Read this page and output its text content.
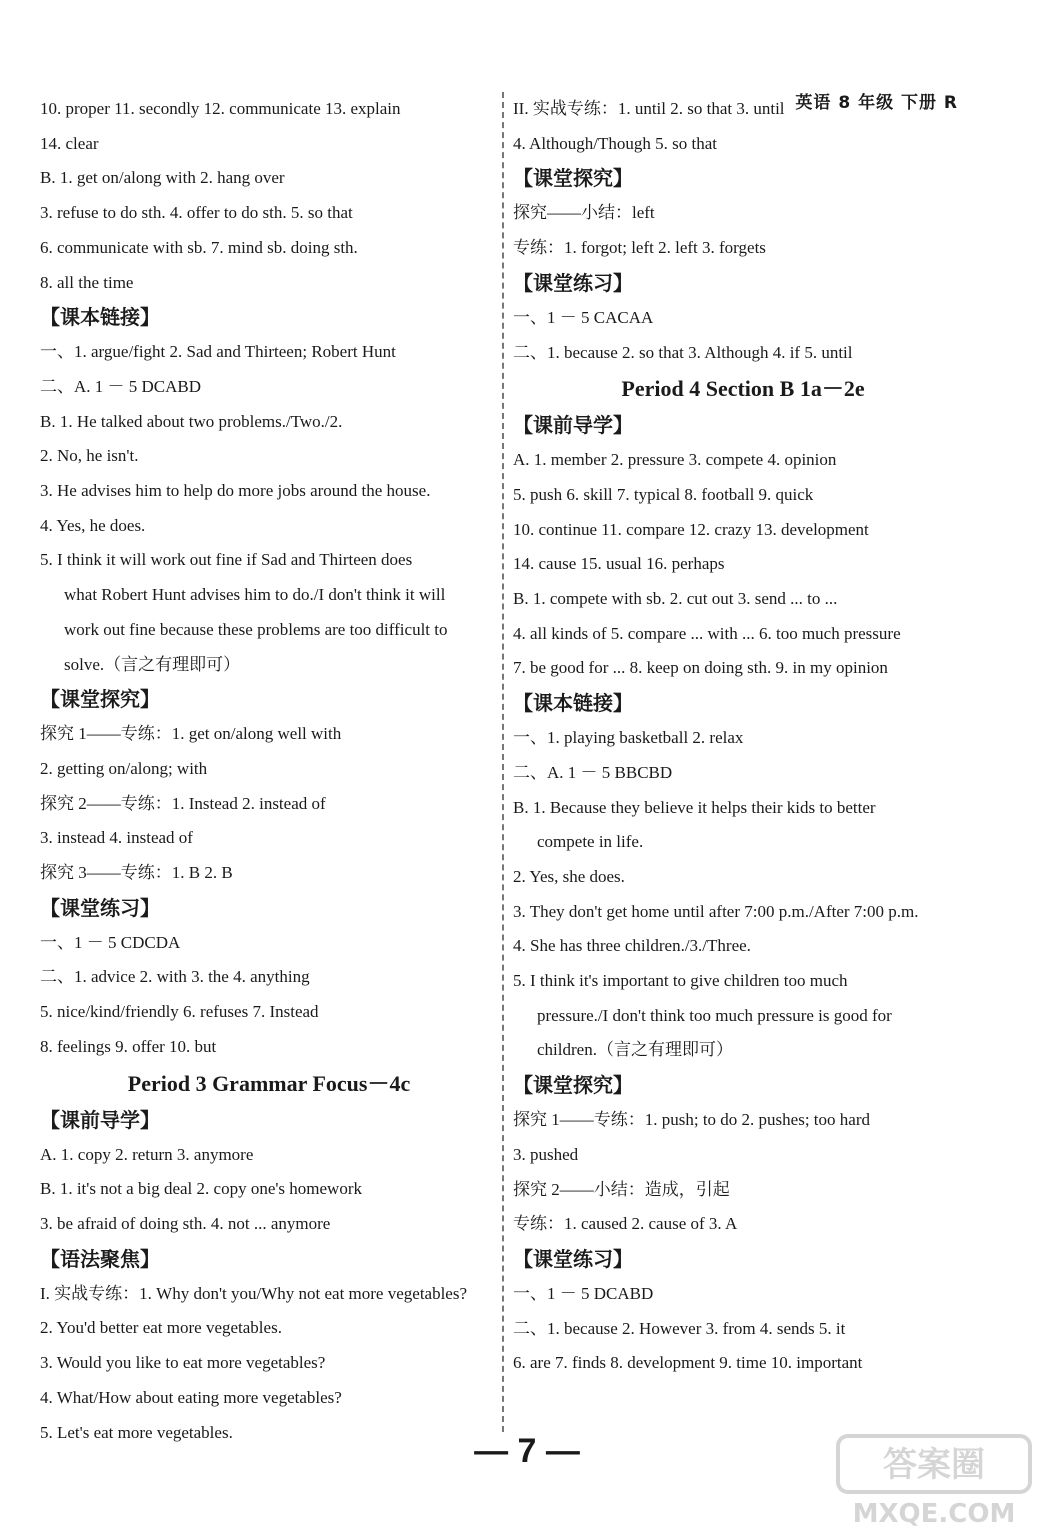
英语 8 年级 下册 R
10. proper 11. secondly 12. communicate 13. explain
14. clear
B. 1. get on/along with 2. hang over
3. refuse to do sth. 4. offer to do sth. 5. so that
6. communicate with sb. 7. mind sb. doing sth.
8. all the time
【课本链接】
一、1. argue/fight 2. Sad and Thirteen; Robert Hunt
二、A. 1 － 5 DCABD
B. 1. He talked about two problems./Two./2.
2. No, he isn't.
3. He advises him to help do more jobs around the house.
4. Yes, he does.
5. I think it will work out fine if Sad and Thirteen does
what Robert Hunt advises him to do./I don't think it will
work out fine because these problems are too difficult to
solve.（言之有理即可）
【课堂探究】
探究 1——专练：1. get on/along well with
2. getting on/along; with
探究 2——专练：1. Instead 2. instead of
3. instead 4. instead of
探究 3——专练：1. B 2. B
【课堂练习】
一、1 － 5 CDCDA
二、1. advice 2. with 3. the 4. anything
5. nice/kind/friendly 6. refuses 7. Instead
8. feelings 9. offer 10. but
Period 3 Grammar Focus－4c
【课前导学】
A. 1. copy 2. return 3. anymore
B. 1. it's not a big deal 2. copy one's homework
3. be afraid of doing sth. 4. not ... anymore
【语法聚焦】
I. 实战专练：1. Why don't you/Why not eat more vegetables?
2. You'd better eat more vegetables.
3. Would you like to eat more vegetables?
4. What/How about eating more vegetables?
5. Let's eat more vegetables.
II. 实战专练：1. until 2. so that 3. until
4. Although/Though 5. so that
【课堂探究】
探究——小结：left
专练：1. forgot; left 2. left 3. forgets
【课堂练习】
一、1 － 5 CACAA
二、1. because 2. so that 3. Although 4. if 5. until
Period 4 Section B 1a－2e
【课前导学】
A. 1. member 2. pressure 3. compete 4. opinion
5. push 6. skill 7. typical 8. football 9. quick
10. continue 11. compare 12. crazy 13. development
14. cause 15. usual 16. perhaps
B. 1. compete with sb. 2. cut out 3. send ... to ...
4. all kinds of 5. compare ... with ... 6. too much pressure
7. be good for ... 8. keep on doing sth. 9. in my opinion
【课本链接】
一、1. playing basketball 2. relax
二、A. 1 － 5 BBCBD
B. 1. Because they believe it helps their kids to better
compete in life.
2. Yes, she does.
3. They don't get home until after 7:00 p.m./After 7:00 p.m.
4. She has three children./3./Three.
5. I think it's important to give children too much
pressure./I don't think too much pressure is good for
children.（言之有理即可）
【课堂探究】
探究 1——专练：1. push; to do 2. pushes; too hard
3. pushed
探究 2——小结：造成，引起
专练：1. caused 2. cause of 3. A
【课堂练习】
一、1 － 5 DCABD
二、1. because 2. However 3. from 4. sends 5. it
6. are 7. finds 8. development 9. time 10. important
— 7 —	答案圈
MXQE.COM
